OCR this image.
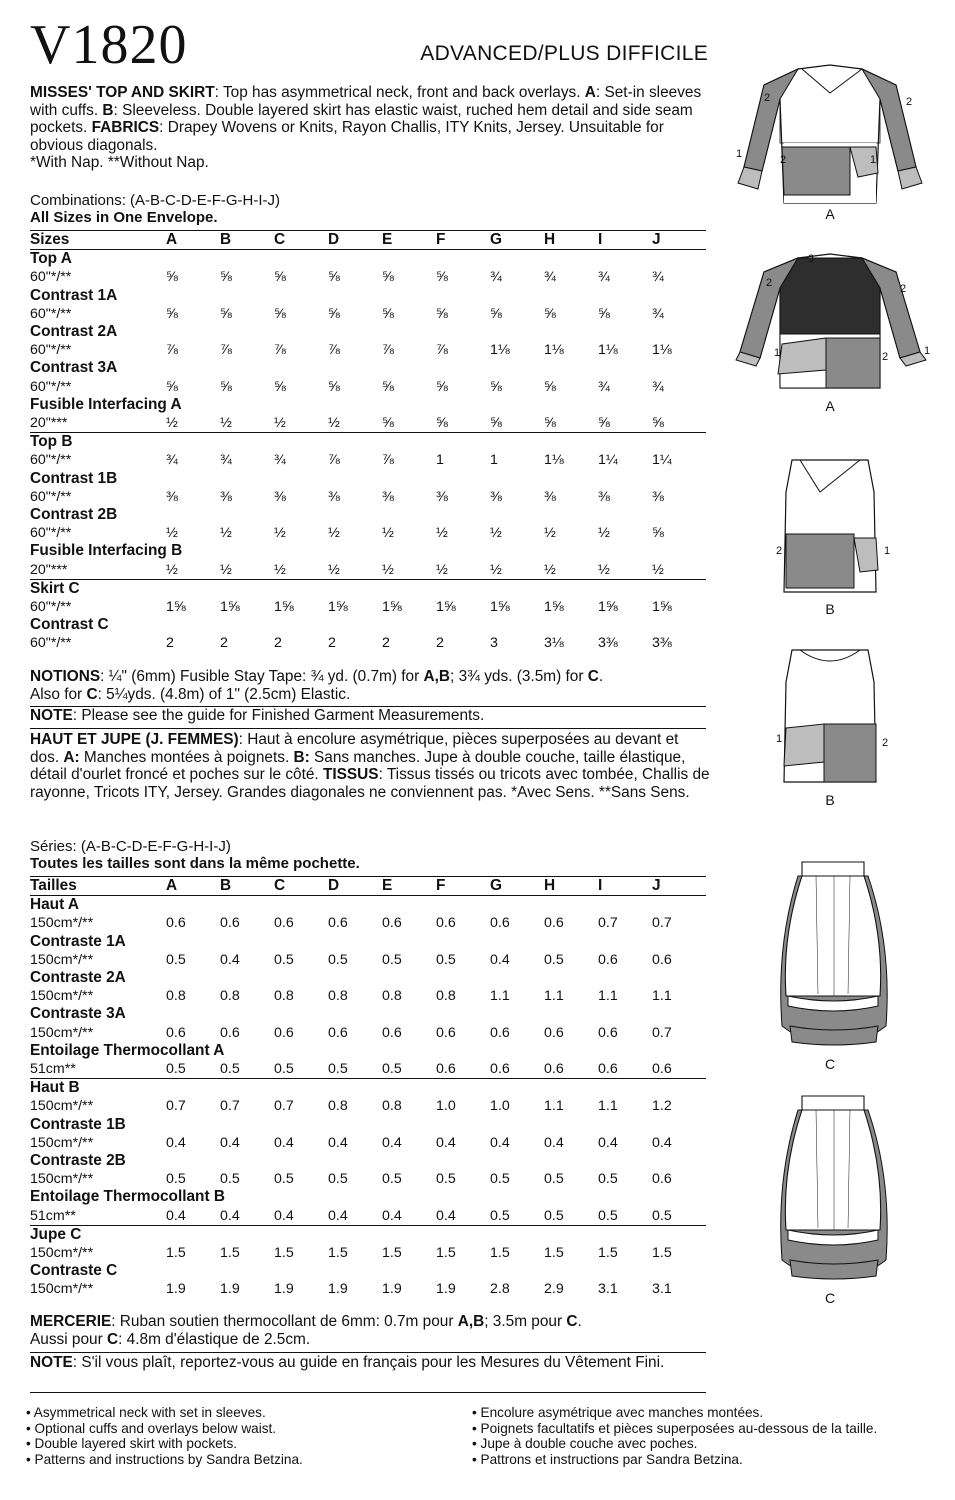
V1820	ADVANCED/PLUS DIFFICILE
MISSES' TOP AND SKIRT: Top has asymmetrical neck, front and back overlays. A: Set-in sleeves with cuffs. B: Sleeveless. Double layered skirt has elastic waist, ruched hem detail and side seam pockets. FABRICS: Drapey Wovens or Knits, Rayon Challis, ITY Knits, Jersey. Unsuitable for obvious diagonals.
*With Nap. **Without Nap.
Combinations: (A-B-C-D-E-F-G-H-I-J)
All Sizes in One Envelope.
Sizes	A	B	C	D	E	F	G	H	I	J
Top A										
60"*/**	⅝	⅝	⅝	⅝	⅝	⅝	¾	¾	¾	¾
Contrast 1A										
60"*/**	⅝	⅝	⅝	⅝	⅝	⅝	⅝	⅝	⅝	¾
Contrast 2A										
60"*/**	⅞	⅞	⅞	⅞	⅞	⅞	1⅛	1⅛	1⅛	1⅛
Contrast 3A										
60"*/**	⅝	⅝	⅝	⅝	⅝	⅝	⅝	⅝	¾	¾
Fusible Interfacing A										
20"***	½	½	½	½	⅝	⅝	⅝	⅝	⅝	⅝
Top B										
60"*/**	¾	¾	¾	⅞	⅞	1	1	1⅛	1¼	1¼
Contrast 1B										
60"*/**	⅜	⅜	⅜	⅜	⅜	⅜	⅜	⅜	⅜	⅜
Contrast 2B										
60"*/**	½	½	½	½	½	½	½	½	½	⅝
Fusible Interfacing B										
20"***	½	½	½	½	½	½	½	½	½	½
Skirt C										
60"*/**	1⅝	1⅝	1⅝	1⅝	1⅝	1⅝	1⅝	1⅝	1⅝	1⅝
Contrast C										
60"*/**	2	2	2	2	2	2	3	3⅛	3⅜	3⅜
NOTIONS: ¼" (6mm) Fusible Stay Tape: ¾ yd. (0.7m) for A,B; 3¾ yds. (3.5m) for C.
Also for C: 5¼yds. (4.8m) of 1" (2.5cm) Elastic.
NOTE: Please see the guide for Finished Garment Measurements.
HAUT ET JUPE (J. FEMMES): Haut à encolure asymétrique, pièces superposées au devant et dos. A: Manches montées à poignets. B: Sans manches. Jupe à double couche, taille élastique, détail d'ourlet froncé et poches sur le côté. TISSUS: Tissus tissés ou tricots avec tombée, Challis de rayonne, Tricots ITY, Jersey. Grandes diagonales ne conviennent pas. *Avec Sens. **Sans Sens.
Séries: (A-B-C-D-E-F-G-H-I-J)
Toutes les tailles sont dans la même pochette.
Tailles	A	B	C	D	E	F	G	H	I	J
Haut A										
150cm*/**	0.6	0.6	0.6	0.6	0.6	0.6	0.6	0.6	0.7	0.7
Contraste 1A										
150cm*/**	0.5	0.4	0.5	0.5	0.5	0.5	0.4	0.5	0.6	0.6
Contraste 2A										
150cm*/**	0.8	0.8	0.8	0.8	0.8	0.8	1.1	1.1	1.1	1.1
Contraste 3A										
150cm*/**	0.6	0.6	0.6	0.6	0.6	0.6	0.6	0.6	0.6	0.7
Entoilage Thermocollant A										
51cm**	0.5	0.5	0.5	0.5	0.5	0.6	0.6	0.6	0.6	0.6
Haut B										
150cm*/**	0.7	0.7	0.7	0.8	0.8	1.0	1.0	1.1	1.1	1.2
Contraste 1B										
150cm*/**	0.4	0.4	0.4	0.4	0.4	0.4	0.4	0.4	0.4	0.4
Contraste 2B										
150cm*/**	0.5	0.5	0.5	0.5	0.5	0.5	0.5	0.5	0.5	0.6
Entoilage Thermocollant B										
51cm**	0.4	0.4	0.4	0.4	0.4	0.4	0.5	0.5	0.5	0.5
Jupe C										
150cm*/**	1.5	1.5	1.5	1.5	1.5	1.5	1.5	1.5	1.5	1.5
Contraste C										
150cm*/**	1.9	1.9	1.9	1.9	1.9	1.9	2.8	2.9	3.1	3.1
MERCERIE: Ruban soutien thermocollant de 6mm: 0.7m pour A,B; 3.5m pour C.
Aussi pour C: 4.8m d'élastique de 2.5cm.
NOTE: S'il vous plaît, reportez-vous au guide en français pour les Mesures du Vêtement Fini.
• Asymmetrical neck with set in sleeves.
• Optional cuffs and overlays below waist.
• Double layered skirt with pockets.
• Patterns and instructions by Sandra Betzina.
• Encolure asymétrique avec manches montées.
• Poignets facultatifs et pièces superposées au-dessous de la taille.
• Jupe à double couche avec poches.
• Pattrons et instructions par Sandra Betzina.
2	2
1	2	1
A
3
2	2
1	2	1
A
2	1
B
1	2
B
C
C
